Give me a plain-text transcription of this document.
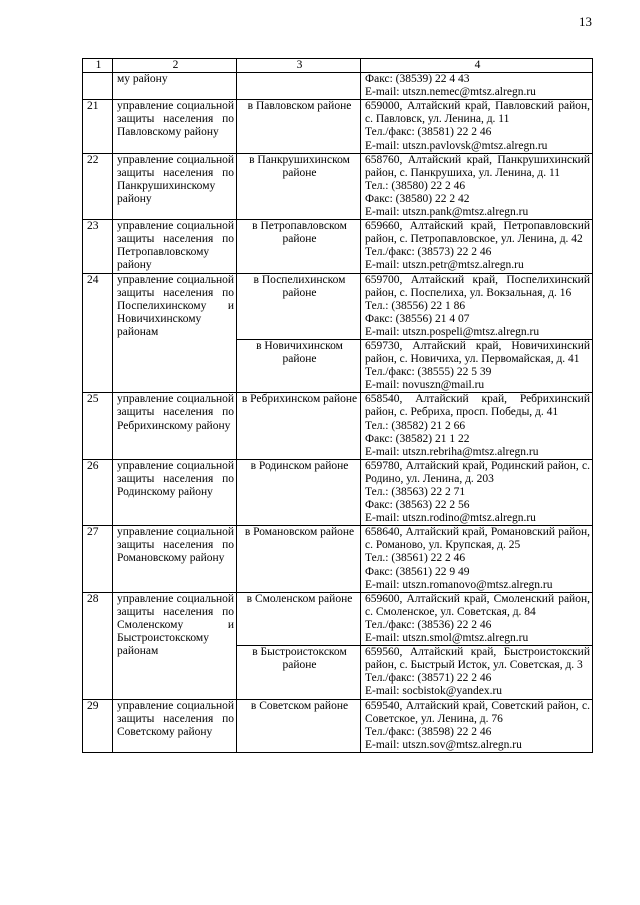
13
1	2	3	4

	му району		Факс: (38539) 22 4 43
E-mail: utszn.nemec@mtsz.alregn.ru

21	управление социальной защиты населения по Павловскому району	в Павловском районе	659000, Алтайский край, Павловский район, с. Павловск, ул. Ленина, д. 11
Тел./факс: (38581) 22 2 46
E-mail: utszn.pavlovsk@mtsz.alregn.ru

22	управление социальной защиты населения по Панкрушихинскому району	в Панкрушихинском районе	658760, Алтайский край, Панкрушихинский район, с. Панкрушиха, ул. Ленина, д. 11
Тел.: (38580) 22 2 46
Факс: (38580) 22 2 42
E-mail: utszn.pank@mtsz.alregn.ru

23	управление социальной защиты населения по Петропавловскому району	в Петропавловском районе	659660, Алтайский край, Петропавловский район, с. Петропавловское, ул. Ленина, д. 42
Тел./факс: (38573) 22 2 46
E-mail: utszn.petr@mtsz.alregn.ru

24	управление социальной защиты населения по Поспелихинскому и Новичихинскому районам	в Поспелихинском районе	659700, Алтайский край, Поспелихинский район, с. Поспелиха, ул. Вокзальная, д. 16
Тел.: (38556) 22 1 86
Факс: (38556) 21 4 07
E-mail: utszn.pospeli@mtsz.alregn.ru

		в Новичихинском районе	659730, Алтайский край, Новичихинский район, с. Новичиха, ул. Первомайская, д. 41
Тел./факс: (38555) 22 5 39
E-mail: novuszn@mail.ru

25	управление социальной защиты населения по Ребрихинскому району	в Ребрихинском районе	658540, Алтайский край, Ребрихинский район, с. Ребриха, просп. Победы, д. 41
Тел.: (38582) 21 2 66
Факс: (38582) 21 1 22
E-mail: utszn.rebriha@mtsz.alregn.ru

26	управление социальной защиты населения по Родинскому району	в Родинском районе	659780, Алтайский край, Родинский район, с. Родино, ул. Ленина, д. 203
Тел.: (38563) 22 2 71
Факс: (38563) 22 2 56
E-mail: utszn.rodino@mtsz.alregn.ru

27	управление социальной защиты населения по Романовскому району	в Романовском районе	658640, Алтайский край, Романовский район, с. Романово, ул. Крупская, д. 25
Тел.: (38561) 22 2 46
Факс: (38561) 22 9 49
E-mail: utszn.romanovo@mtsz.alregn.ru

28	управление социальной защиты населения по Смоленскому и Быстроистокскому районам	в Смоленском районе	659600, Алтайский край, Смоленский район, с. Смоленское, ул. Советская, д. 84
Тел./факс: (38536) 22 2 46
E-mail: utszn.smol@mtsz.alregn.ru

		в Быстроистокском районе	659560, Алтайский край, Быстроистокский район, с. Быстрый Исток, ул. Советская, д. 3
Тел./факс: (38571) 22 2 46
E-mail: socbistok@yandex.ru

29	управление социальной защиты населения по Советскому району	в Советском районе	659540, Алтайский край, Советский район, с. Советское, ул. Ленина, д. 76
Тел./факс: (38598) 22 2 46
E-mail: utszn.sov@mtsz.alregn.ru
